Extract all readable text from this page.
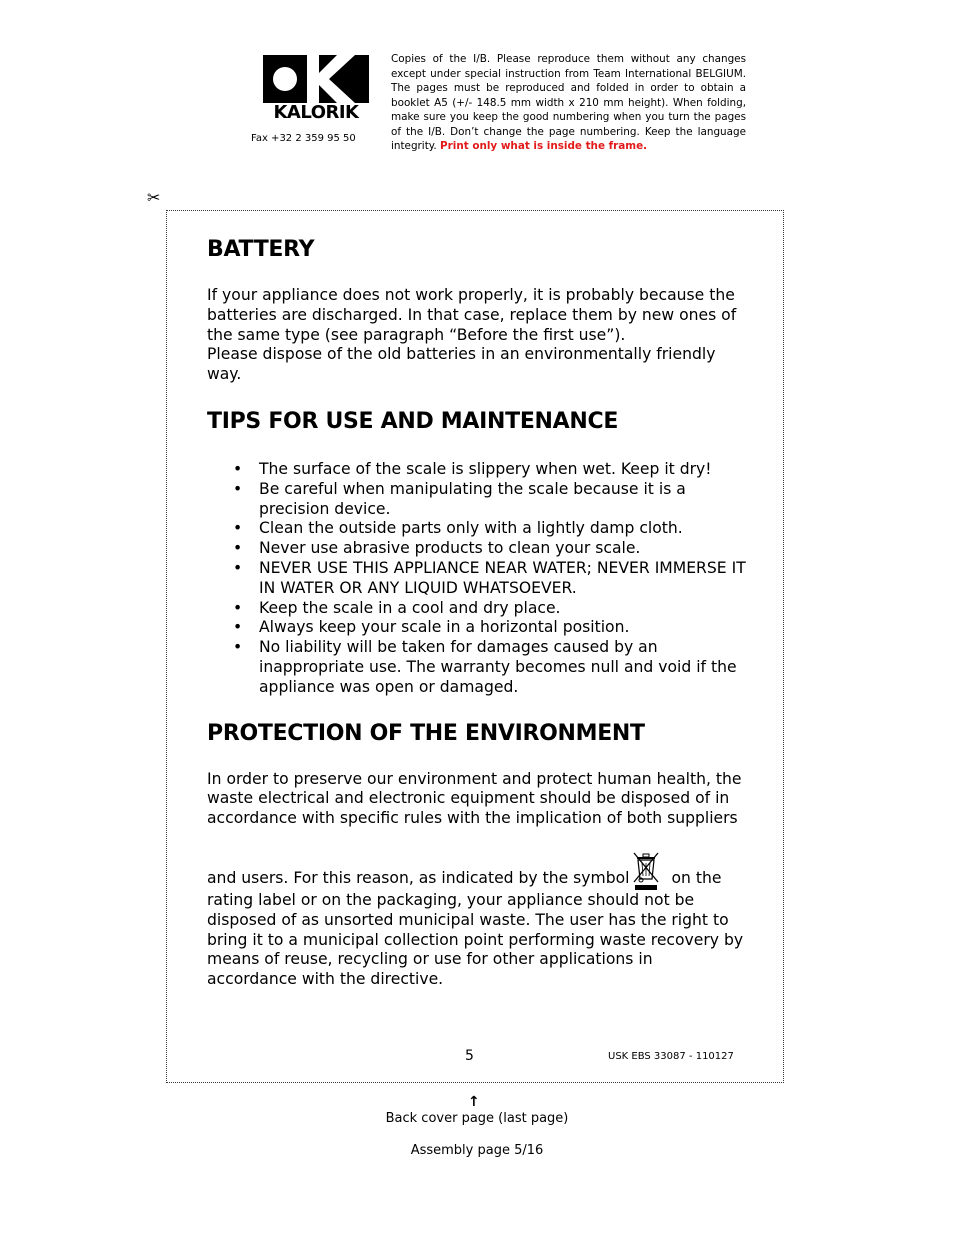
KALORIK
Fax +32 2 359 95 50
Copies of the I/B. Please reproduce them without any changes except under special instruction from Team International BELGIUM. The pages must be reproduced and folded in order to obtain a booklet A5 (+/- 148.5 mm width x 210 mm height). When folding, make sure you keep the good numbering when you turn the pages of the I/B. Don’t change the page numbering. Keep the language integrity. Print only what is inside the frame.
✂
BATTERY

If your appliance does not work properly, it is probably because the batteries are discharged. In that case, replace them by new ones of the same type (see paragraph “Before the first use”).

Please dispose of the old batteries in an environmentally friendly way.

TIPS FOR USE AND MAINTENANCE
• The surface of the scale is slippery when wet. Keep it dry!
• Be careful when manipulating the scale because it is a precision device.
• Clean the outside parts only with a lightly damp cloth.
• Never use abrasive products to clean your scale.
• NEVER USE THIS APPLIANCE NEAR WATER; NEVER IMMERSE IT IN WATER OR ANY LIQUID WHATSOEVER.
• Keep the scale in a cool and dry place.
• Always keep your scale in a horizontal position.
• No liability will be taken for damages caused by an inappropriate use. The warranty becomes null and void if the appliance was open or damaged.
PROTECTION OF THE ENVIRONMENT

In order to preserve our environment and protect human health, the waste electrical and electronic equipment should be disposed of in accordance with specific rules with the implication of both suppliers

and users. For this reason, as indicated by the symbol	on the rating label or on the packaging, your appliance should not be disposed of as unsorted municipal waste. The user has the right to bring it to a municipal collection point performing waste recovery by means of reuse, recycling or use for other applications in accordance with the directive.

5	USK EBS 33087 - 110127
↑
Back cover page (last page)
Assembly page 5/16
